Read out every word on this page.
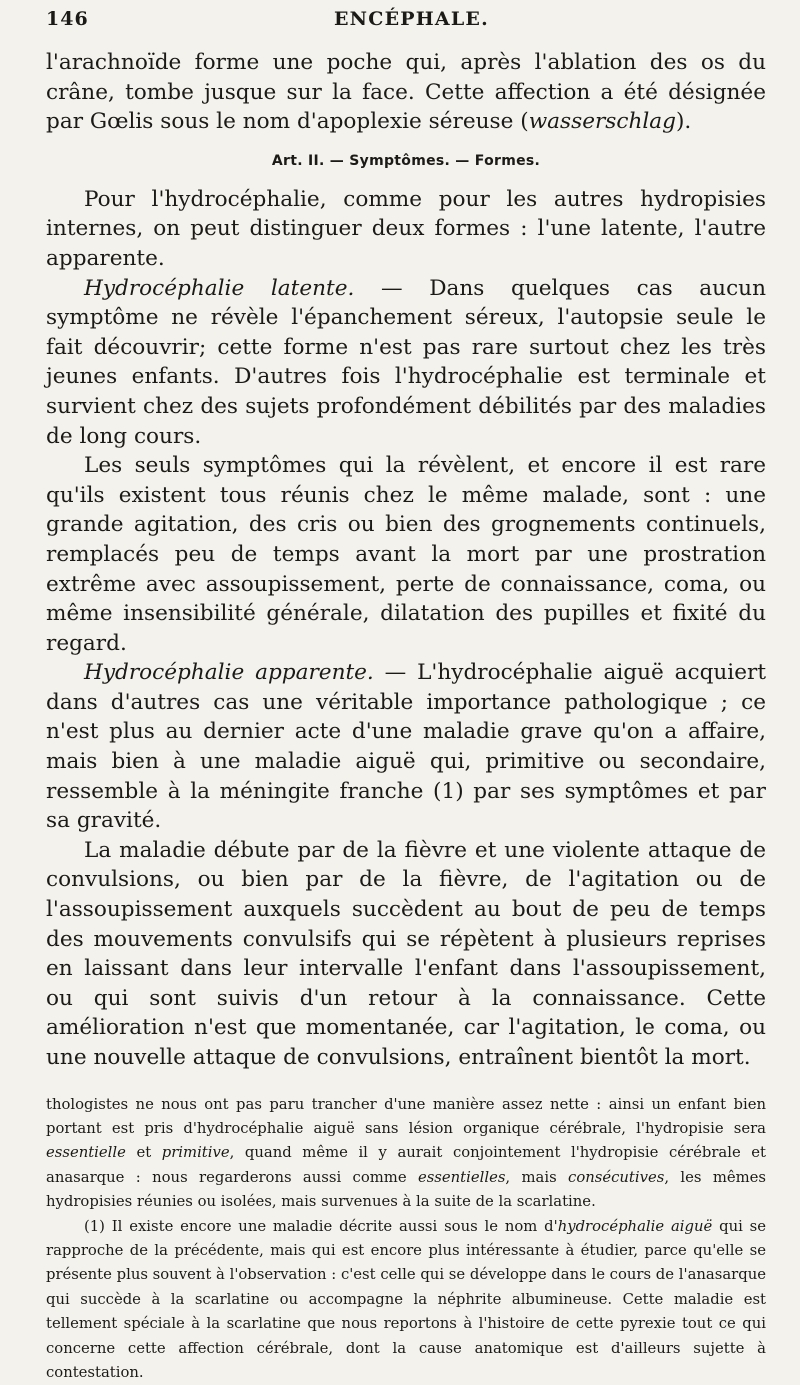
146	ENCÉPHALE.

l'arachnoïde forme une poche qui, après l'ablation des os du crâne, tombe jusque sur la face. Cette affection a été désignée par Gœlis sous le nom d'apoplexie séreuse (wasserschlag).

Art. II. — Symptômes. — Formes.

Pour l'hydrocéphalie, comme pour les autres hydropisies internes, on peut distinguer deux formes : l'une latente, l'autre apparente.

Hydrocéphalie latente. — Dans quelques cas aucun symptôme ne révèle l'épanchement séreux, l'autopsie seule le fait découvrir; cette forme n'est pas rare surtout chez les très jeunes enfants. D'autres fois l'hydrocéphalie est terminale et survient chez des sujets profondément débilités par des maladies de long cours.

Les seuls symptômes qui la révèlent, et encore il est rare qu'ils existent tous réunis chez le même malade, sont : une grande agitation, des cris ou bien des grognements continuels, remplacés peu de temps avant la mort par une prostration extrême avec assoupissement, perte de connaissance, coma, ou même insensibilité générale, dilatation des pupilles et fixité du regard.

Hydrocéphalie apparente. — L'hydrocéphalie aiguë acquiert dans d'autres cas une véritable importance pathologique ; ce n'est plus au dernier acte d'une maladie grave qu'on a affaire, mais bien à une maladie aiguë qui, primitive ou secondaire, ressemble à la méningite franche (1) par ses symptômes et par sa gravité.

La maladie débute par de la fièvre et une violente attaque de convulsions, ou bien par de la fièvre, de l'agitation ou de l'assoupissement auxquels succèdent au bout de peu de temps des mouvements convulsifs qui se répètent à plusieurs reprises en laissant dans leur intervalle l'enfant dans l'assoupissement, ou qui sont suivis d'un retour à la connaissance. Cette amélioration n'est que momentanée, car l'agitation, le coma, ou une nouvelle attaque de convulsions, entraînent bientôt la mort.

thologistes ne nous ont pas paru trancher d'une manière assez nette : ainsi un enfant bien portant est pris d'hydrocéphalie aiguë sans lésion organique cérébrale, l'hydropisie sera essentielle et primitive, quand même il y aurait conjointement l'hydropisie cérébrale et anasarque : nous regarderons aussi comme essentielles, mais consécutives, les mêmes hydropisies réunies ou isolées, mais survenues à la suite de la scarlatine.

(1) Il existe encore une maladie décrite aussi sous le nom d'hydrocéphalie aiguë qui se rapproche de la précédente, mais qui est encore plus intéressante à étudier, parce qu'elle se présente plus souvent à l'observation : c'est celle qui se développe dans le cours de l'anasarque qui succède à la scarlatine ou accompagne la néphrite albumineuse. Cette maladie est tellement spéciale à la scarlatine que nous reportons à l'histoire de cette pyrexie tout ce qui concerne cette affection cérébrale, dont la cause anatomique est d'ailleurs sujette à contestation.
